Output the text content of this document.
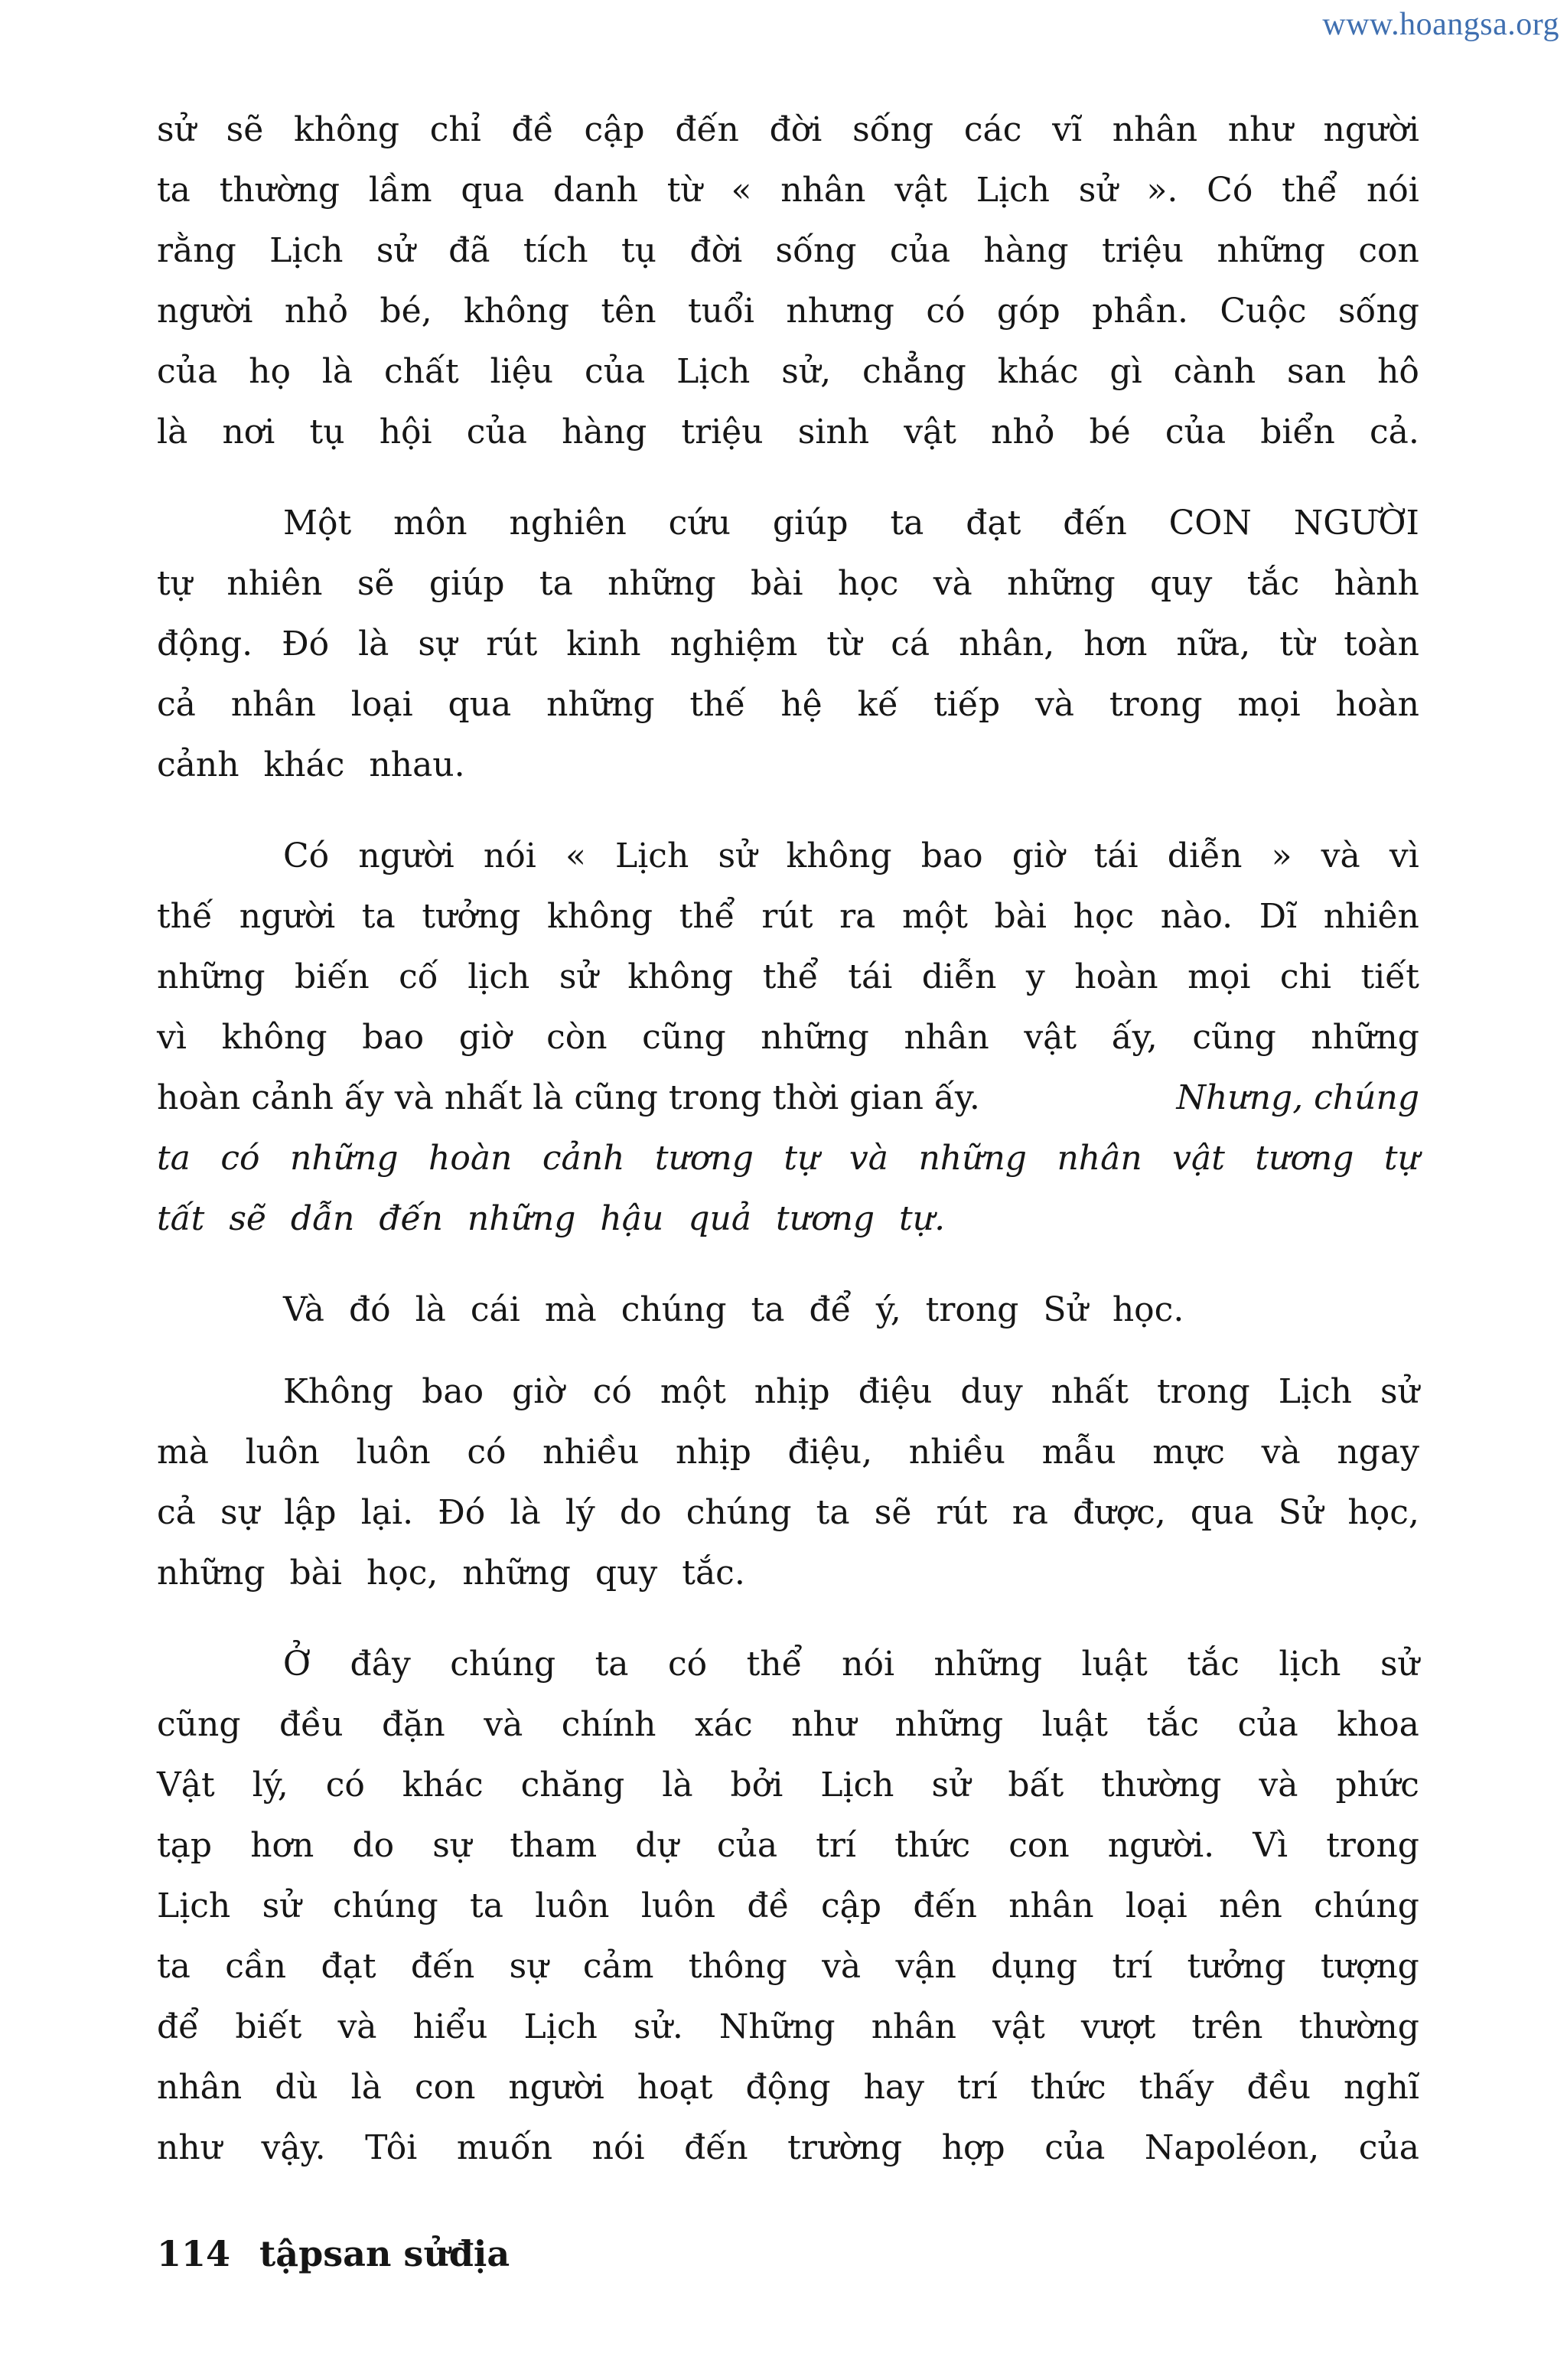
www.hoangsa.org
sử sẽ không chỉ đề cập đến đời sống các vĩ nhân như người
ta thường lầm qua danh từ « nhân vật Lịch sử ». Có thể nói
rằng Lịch sử đã tích tụ đời sống của hàng triệu những con
người nhỏ bé, không tên tuổi nhưng có góp phần. Cuộc sống
của họ là chất liệu của Lịch sử, chẳng khác gì cành san hô
là nơi tụ hội của hàng triệu sinh vật nhỏ bé của biển cả.
Một môn nghiên cứu giúp ta đạt đến CON NGƯỜI
tự nhiên sẽ giúp ta những bài học và những quy tắc hành
động. Đó là sự rút kinh nghiệm từ cá nhân, hơn nữa, từ toàn
cả nhân loại qua những thế hệ kế tiếp và trong mọi hoàn
cảnh khác nhau.
Có người nói « Lịch sử không bao giờ tái diễn » và vì
thế người ta tưởng không thể rút ra một bài học nào. Dĩ nhiên
những biến cố lịch sử không thể tái diễn y hoàn mọi chi tiết
vì không bao giờ còn cũng những nhân vật ấy, cũng những
hoàn cảnh ấy và nhất là cũng trong thời gian ấy.	Nhưng, chúng
ta có những hoàn cảnh tương tự và những nhân vật tương tự
tất sẽ dẫn đến những hậu quả tương tự.
Và đó là cái mà chúng ta để ý, trong Sử học.
Không bao giờ có một nhịp điệu duy nhất trong Lịch sử
mà luôn luôn có nhiều nhịp điệu, nhiều mẫu mực và ngay
cả sự lập lại. Đó là lý do chúng ta sẽ rút ra được, qua Sử học,
những bài học, những quy tắc.
Ở đây chúng ta có thể nói những luật tắc lịch sử
cũng đều đặn và chính xác như những luật tắc của khoa
Vật lý, có khác chăng là bởi Lịch sử bất thường và phức
tạp hơn do sự tham dự của trí thức con người. Vì trong
Lịch sử chúng ta luôn luôn đề cập đến nhân loại nên chúng
ta cần đạt đến sự cảm thông và vận dụng trí tưởng tượng
để biết và hiểu Lịch sử. Những nhân vật vượt trên thường
nhân dù là con người hoạt động hay trí thức thấy đều nghĩ
như vậy. Tôi muốn nói đến trường hợp của Napoléon, của
114 tậpsan sửđịa
